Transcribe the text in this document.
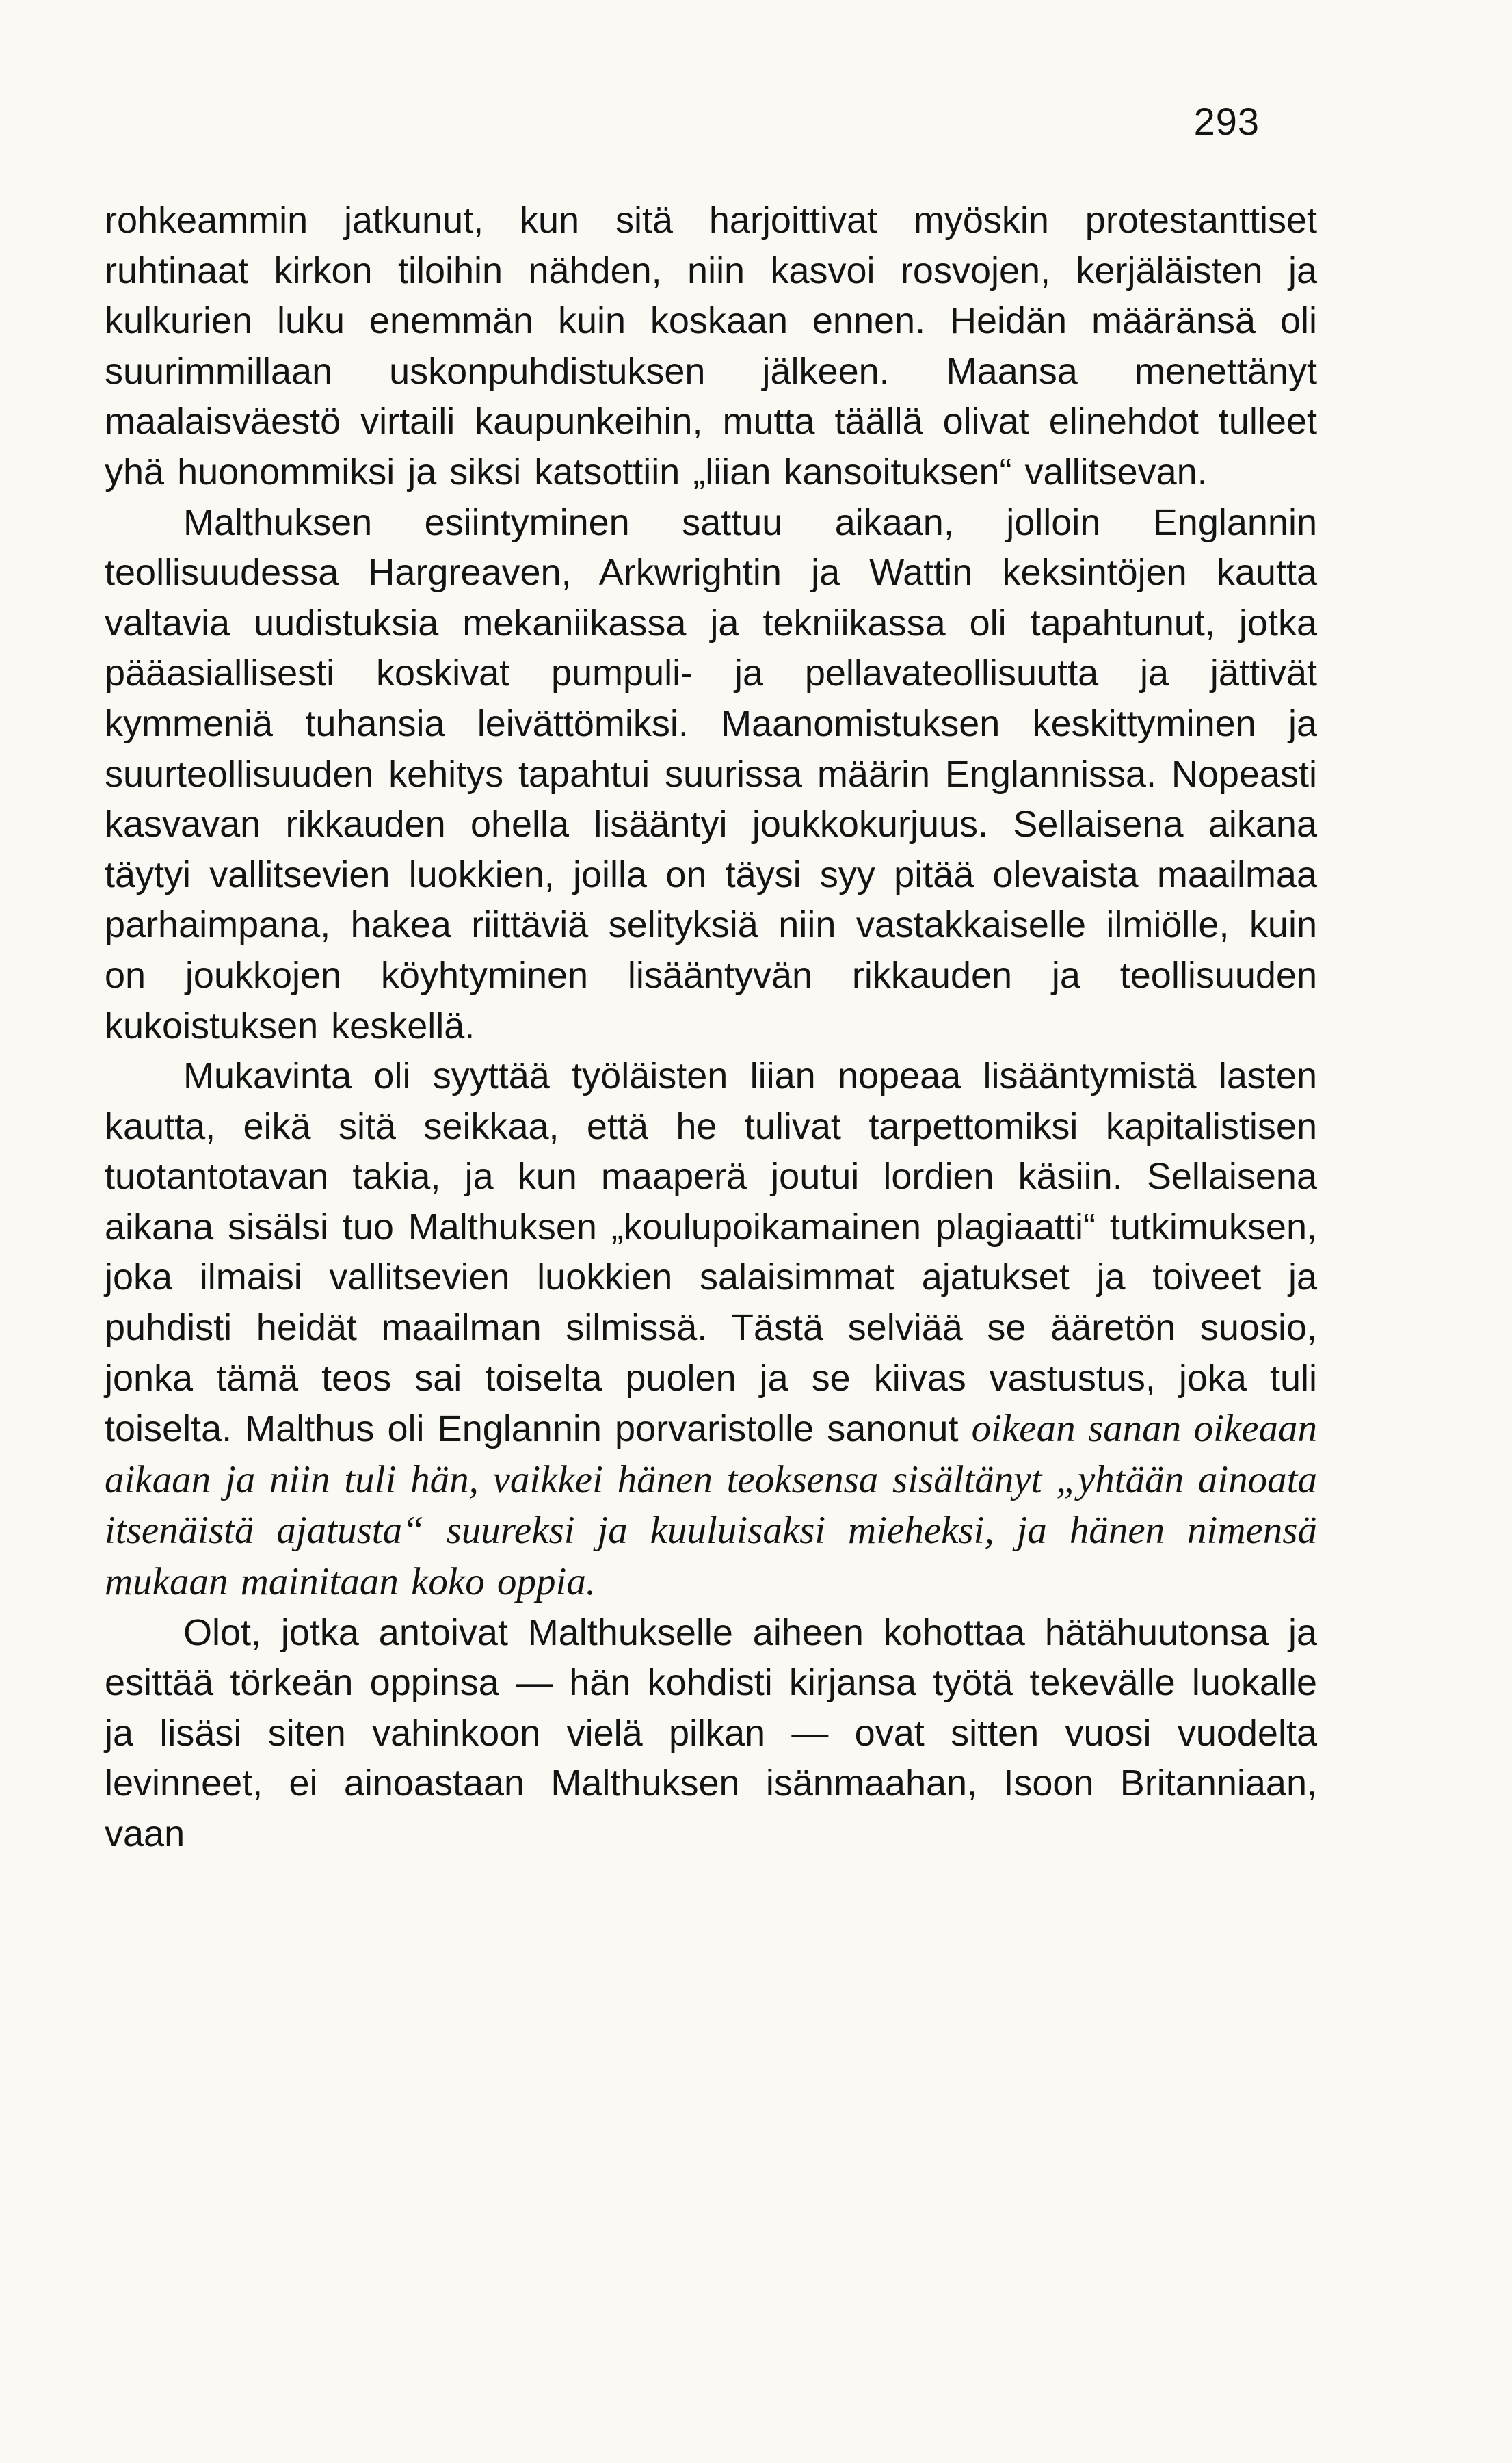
293

rohkeammin jatkunut, kun sitä harjoittivat myöskin protestanttiset ruhtinaat kirkon tiloihin nähden, niin kasvoi rosvojen, kerjäläisten ja kulkurien luku enemmän kuin koskaan ennen. Heidän määränsä oli suurimmillaan uskonpuhdistuksen jälkeen. Maansa menettänyt maalaisväestö virtaili kaupunkeihin, mutta täällä olivat elinehdot tulleet yhä huonommiksi ja siksi katsottiin „liian kansoituksen“ vallitsevan.

Malthuksen esiintyminen sattuu aikaan, jolloin Englannin teollisuudessa Hargreaven, Arkwrightin ja Wattin keksintöjen kautta valtavia uudistuksia mekaniikassa ja tekniikassa oli tapahtunut, jotka pääasiallisesti koskivat pumpuli- ja pellavateollisuutta ja jättivät kymmeniä tuhansia leivättömiksi. Maanomistuksen keskittyminen ja suurteollisuuden kehitys tapahtui suurissa määrin Englannissa. Nopeasti kasvavan rikkauden ohella lisääntyi joukkokurjuus. Sellaisena aikana täytyi vallitsevien luokkien, joilla on täysi syy pitää olevaista maailmaa parhaimpana, hakea riittäviä selityksiä niin vastakkaiselle ilmiölle, kuin on joukkojen köyhtyminen lisääntyvän rikkauden ja teollisuuden kukoistuksen keskellä.

Mukavinta oli syyttää työläisten liian nopeaa lisääntymistä lasten kautta, eikä sitä seikkaa, että he tulivat tarpettomiksi kapitalistisen tuotantotavan takia, ja kun maaperä joutui lordien käsiin. Sellaisena aikana sisälsi tuo Malthuksen „koulupoikamainen plagiaatti“ tutkimuksen, joka ilmaisi vallitsevien luokkien salaisimmat ajatukset ja toiveet ja puhdisti heidät maailman silmissä. Tästä selviää se ääretön suosio, jonka tämä teos sai toiselta puolen ja se kiivas vastustus, joka tuli toiselta. Malthus oli Englannin porvaristolle sanonut oikean sanan oikeaan aikaan ja niin tuli hän, vaikkei hänen teoksensa sisältänyt „yhtään ainoata itsenäistä ajatusta“ suureksi ja kuuluisaksi mieheksi, ja hänen nimensä mukaan mainitaan koko oppia.

Olot, jotka antoivat Malthukselle aiheen kohottaa hätähuutonsa ja esittää törkeän oppinsa — hän kohdisti kirjansa työtä tekevälle luokalle ja lisäsi siten vahinkoon vielä pilkan — ovat sitten vuosi vuodelta levinneet, ei ainoastaan Malthuksen isänmaahan, Isoon Britanniaan, vaan
